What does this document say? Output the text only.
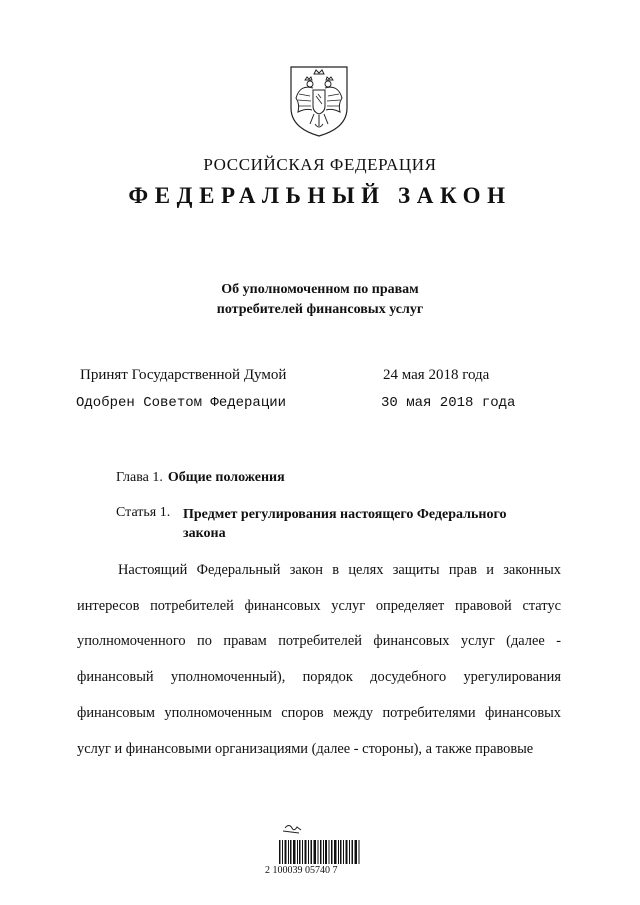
РОССИЙСКАЯ ФЕДЕРАЦИЯ
ФЕДЕРАЛЬНЫЙ ЗАКОН
Об уполномоченном по правам
потребителей финансовых услуг
Принят Государственной Думой	24 мая 2018 года
Одобрен Советом Федерации	30 мая 2018 года
Глава 1. Общие положения
Статья 1. Предмет регулирования настоящего Федерального закона

Настоящий Федеральный закон в целях защиты прав и законных интересов потребителей финансовых услуг определяет правовой статус уполномоченного по правам потребителей финансовых услуг (далее - финансовый уполномоченный), порядок досудебного урегулирования финансовым уполномоченным споров между потребителями финансовых услуг и финансовыми организациями (далее - стороны), а также правовые

2 100039 05740 7
